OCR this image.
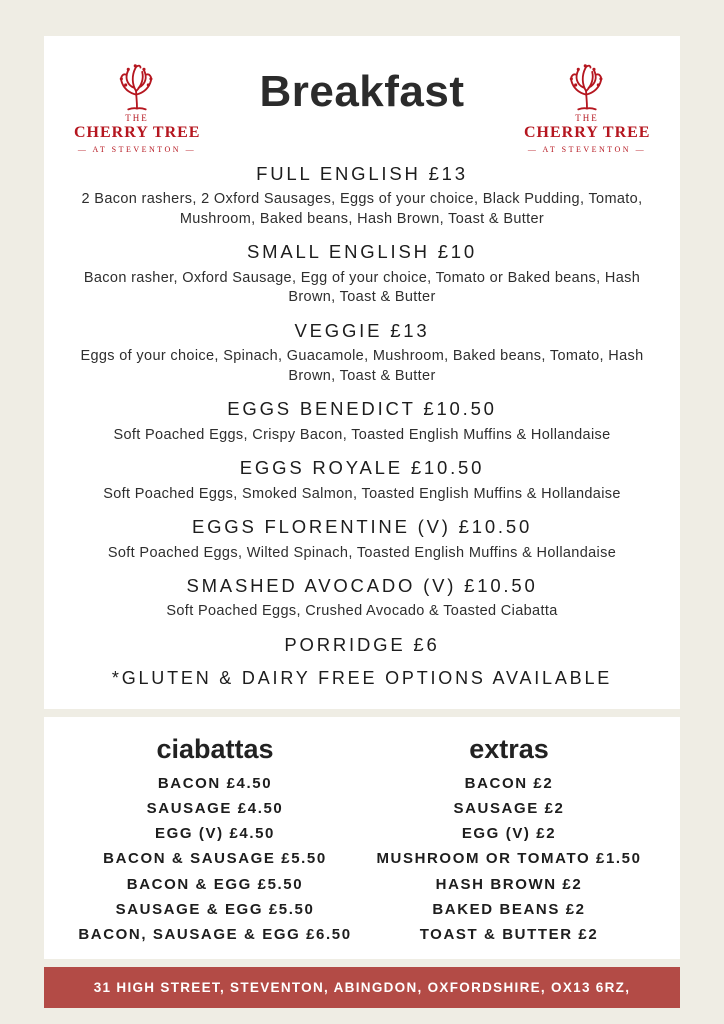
THE
CHERRY TREE
— AT STEVENTON —
Breakfast
THE
CHERRY TREE
— AT STEVENTON —
FULL ENGLISH £13
2 Bacon rashers, 2 Oxford Sausages, Eggs of your choice, Black Pudding, Tomato, Mushroom, Baked beans, Hash Brown, Toast & Butter
SMALL ENGLISH £10
Bacon rasher, Oxford Sausage, Egg of your choice, Tomato or Baked beans, Hash Brown, Toast & Butter
VEGGIE £13
Eggs of your choice, Spinach, Guacamole, Mushroom, Baked beans, Tomato, Hash Brown, Toast & Butter
EGGS BENEDICT £10.50
Soft Poached Eggs, Crispy Bacon, Toasted English Muffins & Hollandaise
EGGS ROYALE £10.50
Soft Poached Eggs, Smoked Salmon, Toasted English Muffins & Hollandaise
EGGS FLORENTINE (V) £10.50
Soft Poached Eggs, Wilted Spinach, Toasted English Muffins & Hollandaise
SMASHED AVOCADO (V) £10.50
Soft Poached Eggs, Crushed Avocado & Toasted Ciabatta
PORRIDGE £6
*GLUTEN & DAIRY FREE OPTIONS AVAILABLE
ciabattas
BACON £4.50
SAUSAGE £4.50
EGG (V) £4.50
BACON & SAUSAGE £5.50
BACON & EGG £5.50
SAUSAGE & EGG £5.50
BACON, SAUSAGE & EGG £6.50
extras
BACON £2
SAUSAGE £2
EGG (V) £2
MUSHROOM OR TOMATO £1.50
HASH BROWN £2
BAKED BEANS £2
TOAST & BUTTER £2
31 HIGH STREET, STEVENTON, ABINGDON, OXFORDSHIRE, OX13 6RZ,
